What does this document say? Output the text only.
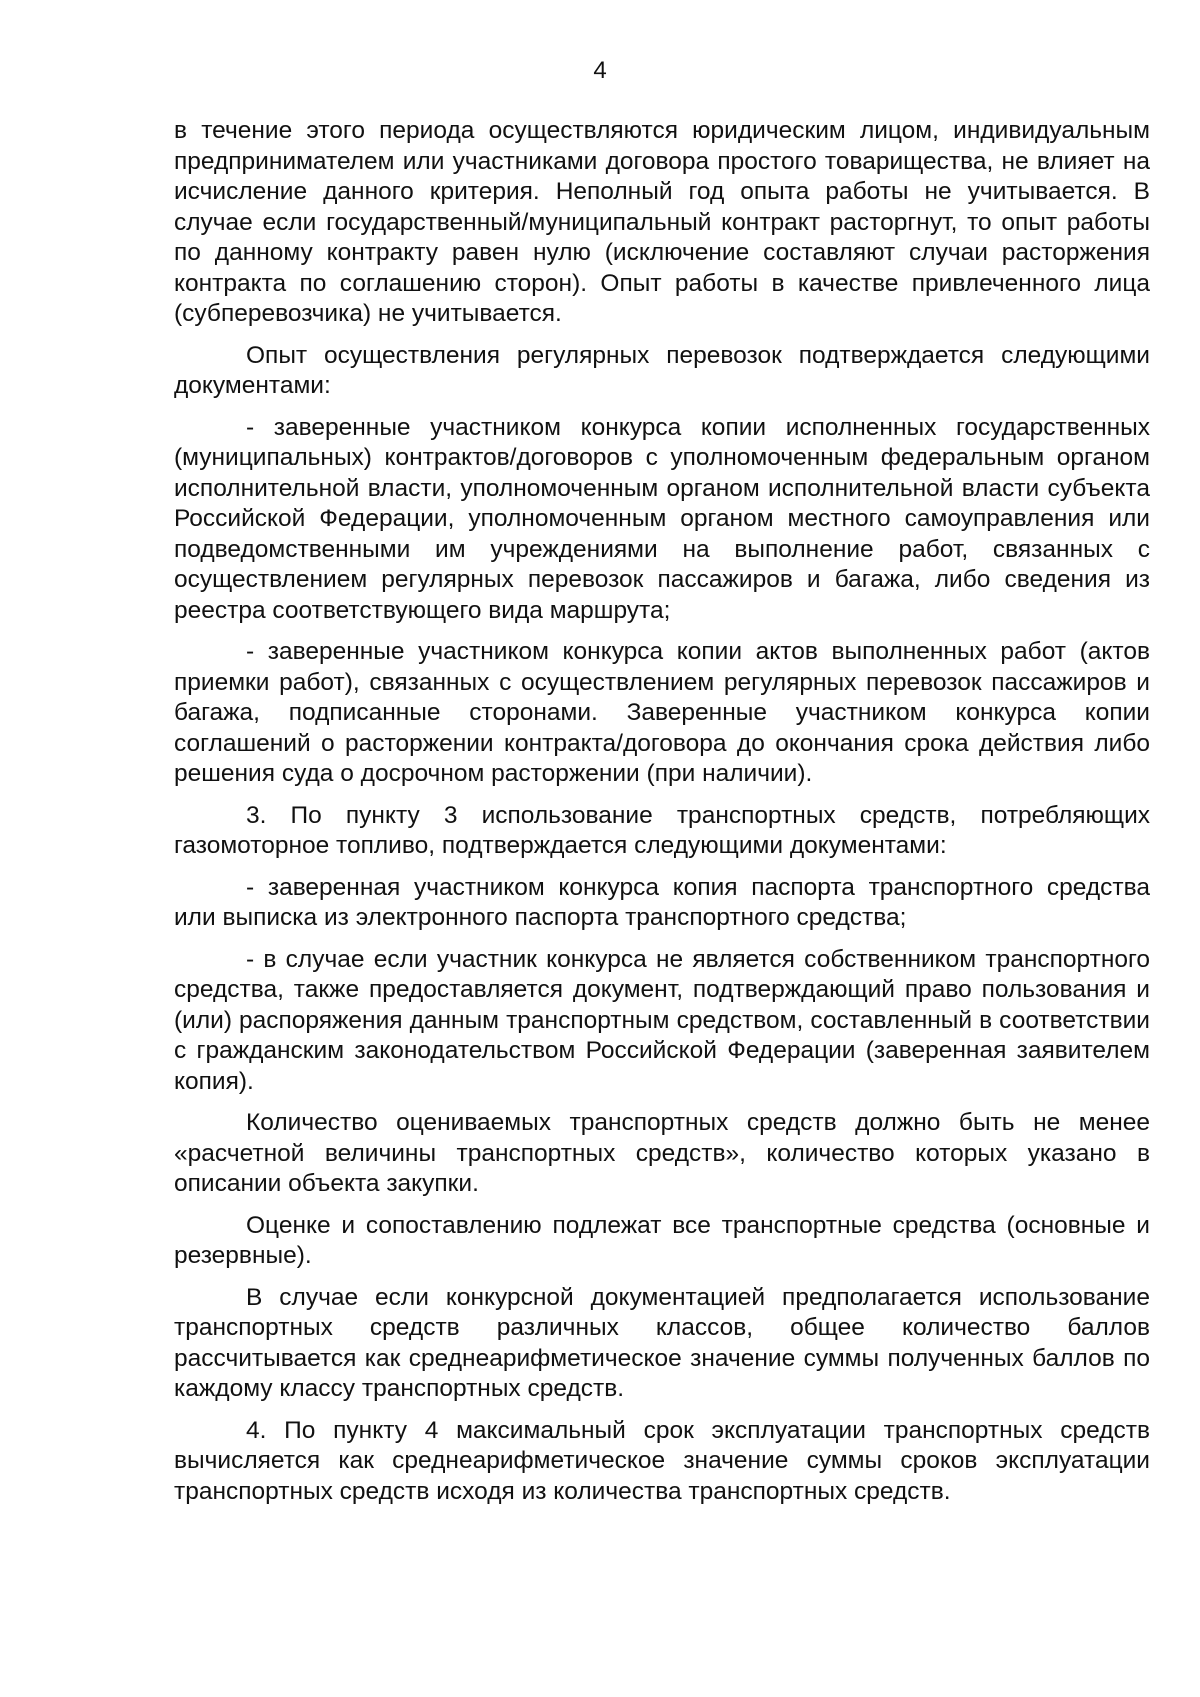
4

в течение этого периода осуществляются юридическим лицом, индивидуальным предпринимателем или участниками договора простого товарищества, не влияет на исчисление данного критерия. Неполный год опыта работы не учитывается. В случае если государственный/муниципальный контракт расторгнут, то опыт работы по данному контракту равен нулю (исключение составляют случаи расторжения контракта по соглашению сторон). Опыт работы в качестве привлеченного лица (субперевозчика) не учитывается.

Опыт осуществления регулярных перевозок подтверждается следующими документами:

- заверенные участником конкурса копии исполненных государственных (муниципальных) контрактов/договоров с уполномоченным федеральным органом исполнительной власти, уполномоченным органом исполнительной власти субъекта Российской Федерации, уполномоченным органом местного самоуправления или подведомственными им учреждениями на выполнение работ, связанных с осуществлением регулярных перевозок пассажиров и багажа, либо сведения из реестра соответствующего вида маршрута;

- заверенные участником конкурса копии актов выполненных работ (актов приемки работ), связанных с осуществлением регулярных перевозок пассажиров и багажа, подписанные сторонами. Заверенные участником конкурса копии соглашений о расторжении контракта/договора до окончания срока действия либо решения суда о досрочном расторжении (при наличии).

3. По пункту 3 использование транспортных средств, потребляющих газомоторное топливо, подтверждается следующими документами:

- заверенная участником конкурса копия паспорта транспортного средства или выписка из электронного паспорта транспортного средства;

- в случае если участник конкурса не является собственником транспортного средства, также предоставляется документ, подтверждающий право пользования и (или) распоряжения данным транспортным средством, составленный в соответствии с гражданским законодательством Российской Федерации (заверенная заявителем копия).

Количество оцениваемых транспортных средств должно быть не менее «расчетной величины транспортных средств», количество которых указано в описании объекта закупки.

Оценке и сопоставлению подлежат все транспортные средства (основные и резервные).

В случае если конкурсной документацией предполагается использование транспортных средств различных классов, общее количество баллов рассчитывается как среднеарифметическое значение суммы полученных баллов по каждому классу транспортных средств.

4. По пункту 4 максимальный срок эксплуатации транспортных средств вычисляется как среднеарифметическое значение суммы сроков эксплуатации транспортных средств исходя из количества транспортных средств.
